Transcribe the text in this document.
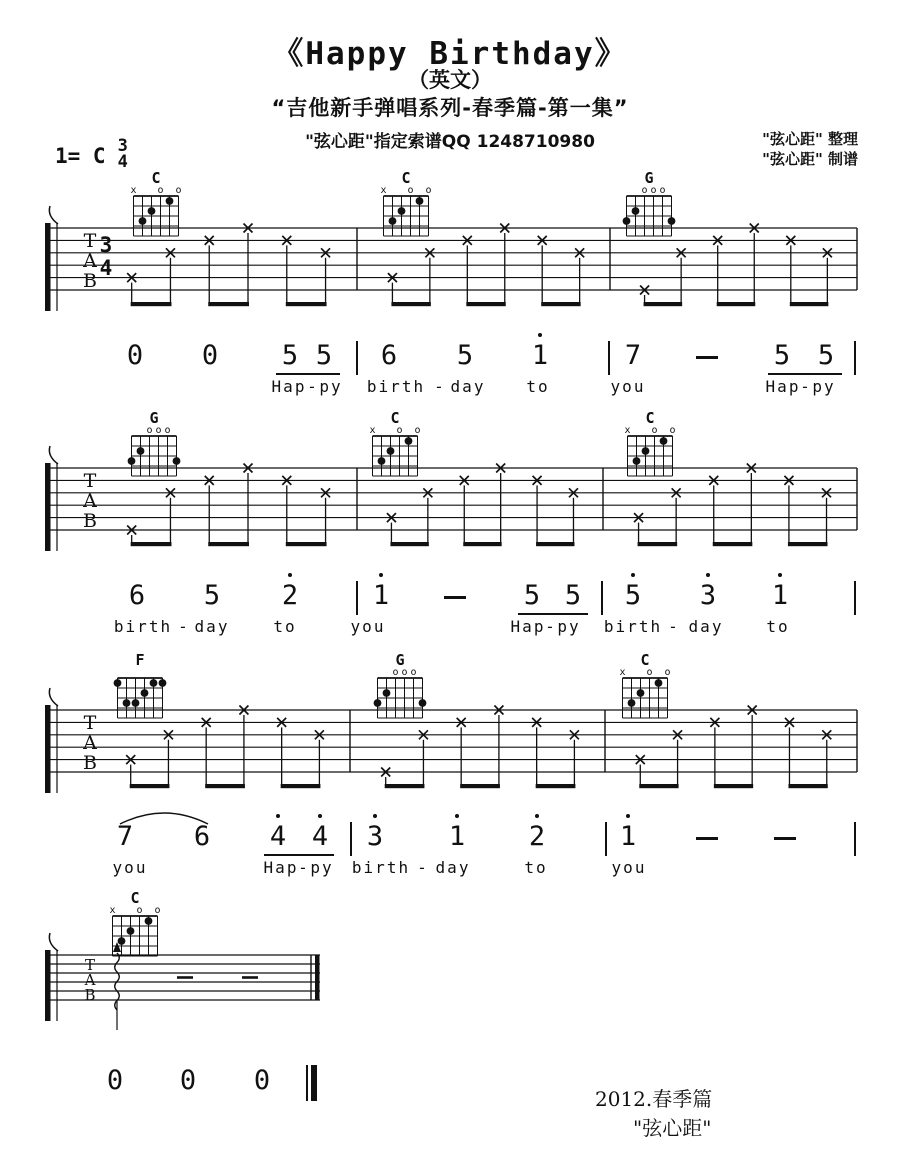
《Happy Birthday》
（英文）
“吉他新手弹唱系列-春季篇-第一集”
"弦心距"指定索谱QQ 1248710980
1= C 3
4
"弦心距" 整理
"弦心距" 制谱
T
A
B
3
4
C
o
o
x
C
o
o
x
G
o
o
o
T
A
B
G
o
o
o
C
o
o
x
C
o
o
x
T
A
B
F	G
o
o
o
C
o
o
x
T
A
B
C
o
o
x
0 0 5 5 6 5 1	7	5 5
Hap - py birth - day	to	you	Hap - py
6 5 2	1	5 5 5 3 1
birth - day	to	you	Hap - py birth - day	to
7 6 4 4 3 1 2	1
you	Hap - py birth - day	to	you
0 0 0
2012.春季篇
"弦心距"
